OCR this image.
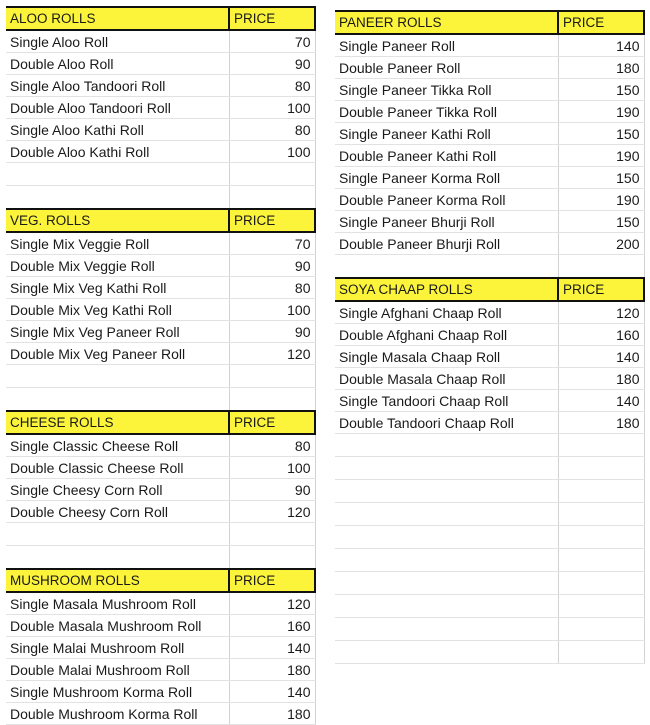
ALOO ROLLS	PRICE
Single Aloo Roll	70
Double Aloo Roll	90
Single Aloo Tandoori Roll	80
Double Aloo Tandoori Roll	100
Single Aloo Kathi Roll	80
Double Aloo Kathi Roll	100

VEG. ROLLS	PRICE
Single Mix Veggie Roll	70
Double Mix Veggie Roll	90
Single Mix Veg Kathi Roll	80
Double Mix Veg Kathi Roll	100
Single Mix Veg Paneer Roll	90
Double Mix Veg Paneer Roll	120

CHEESE ROLLS	PRICE
Single Classic Cheese Roll	80
Double Classic Cheese Roll	100
Single Cheesy Corn Roll	90
Double Cheesy Corn Roll	120

MUSHROOM ROLLS	PRICE
Single Masala Mushroom Roll	120
Double Masala Mushroom Roll	160
Single Malai Mushroom Roll	140
Double Malai Mushroom Roll	180
Single Mushroom Korma Roll	140
Double Mushroom Korma Roll	180
PANEER ROLLS	PRICE
Single Paneer Roll	140
Double Paneer Roll	180
Single Paneer Tikka Roll	150
Double Paneer Tikka Roll	190
Single Paneer Kathi Roll	150
Double Paneer Kathi Roll	190
Single Paneer Korma Roll	150
Double Paneer Korma Roll	190
Single Paneer Bhurji Roll	150
Double Paneer Bhurji Roll	200

SOYA CHAAP ROLLS	PRICE
Single Afghani Chaap Roll	120
Double Afghani Chaap Roll	160
Single Masala Chaap Roll	140
Double Masala Chaap Roll	180
Single Tandoori Chaap Roll	140
Double Tandoori Chaap Roll	180
